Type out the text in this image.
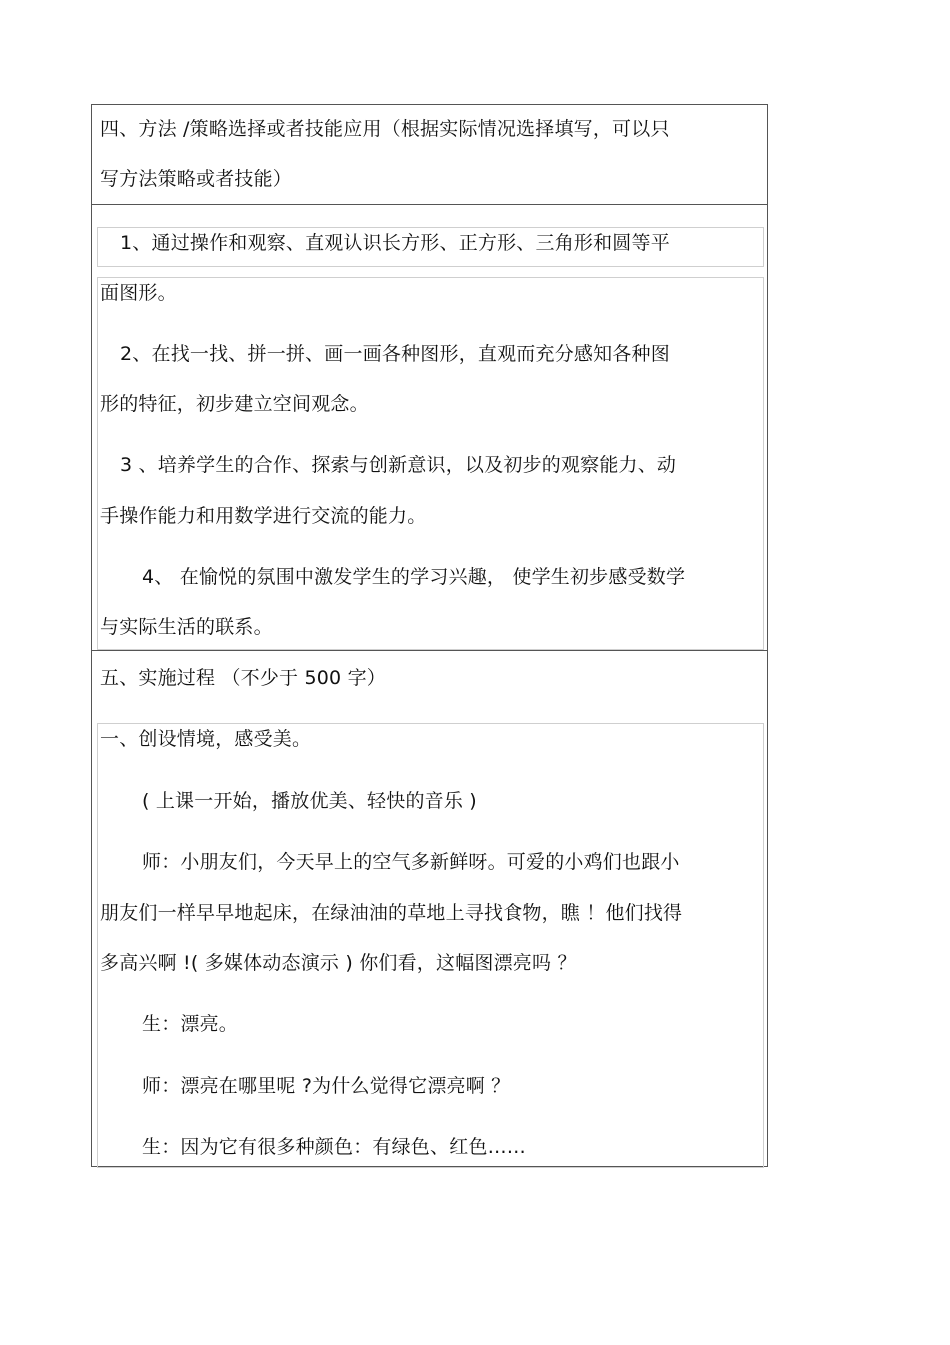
四、方法 /策略选择或者技能应用（根据实际情况选择填写，可以只
写方法策略或者技能）
1、通过操作和观察、直观认识长方形、正方形、三角形和圆等平
面图形。
2、在找一找、拼一拼、画一画各种图形，直观而充分感知各种图
形的特征，初步建立空间观念。
3 、培养学生的合作、探索与创新意识，以及初步的观察能力、动
手操作能力和用数学进行交流的能力。
4、 在愉悦的氛围中激发学生的学习兴趣， 使学生初步感受数学
与实际生活的联系。
五、实施过程 （不少于 500 字）
一、创设情境，感受美。
( 上课一开始，播放优美、轻快的音乐 )
师：小朋友们，今天早上的空气多新鲜呀。可爱的小鸡们也跟小
朋友们一样早早地起床，在绿油油的草地上寻找食物，瞧 ！他们找得
多高兴啊 !( 多媒体动态演示 ) 你们看，这幅图漂亮吗 ？
生：漂亮。
师：漂亮在哪里呢 ?为什么觉得它漂亮啊 ？
生：因为它有很多种颜色：有绿色、红色……
